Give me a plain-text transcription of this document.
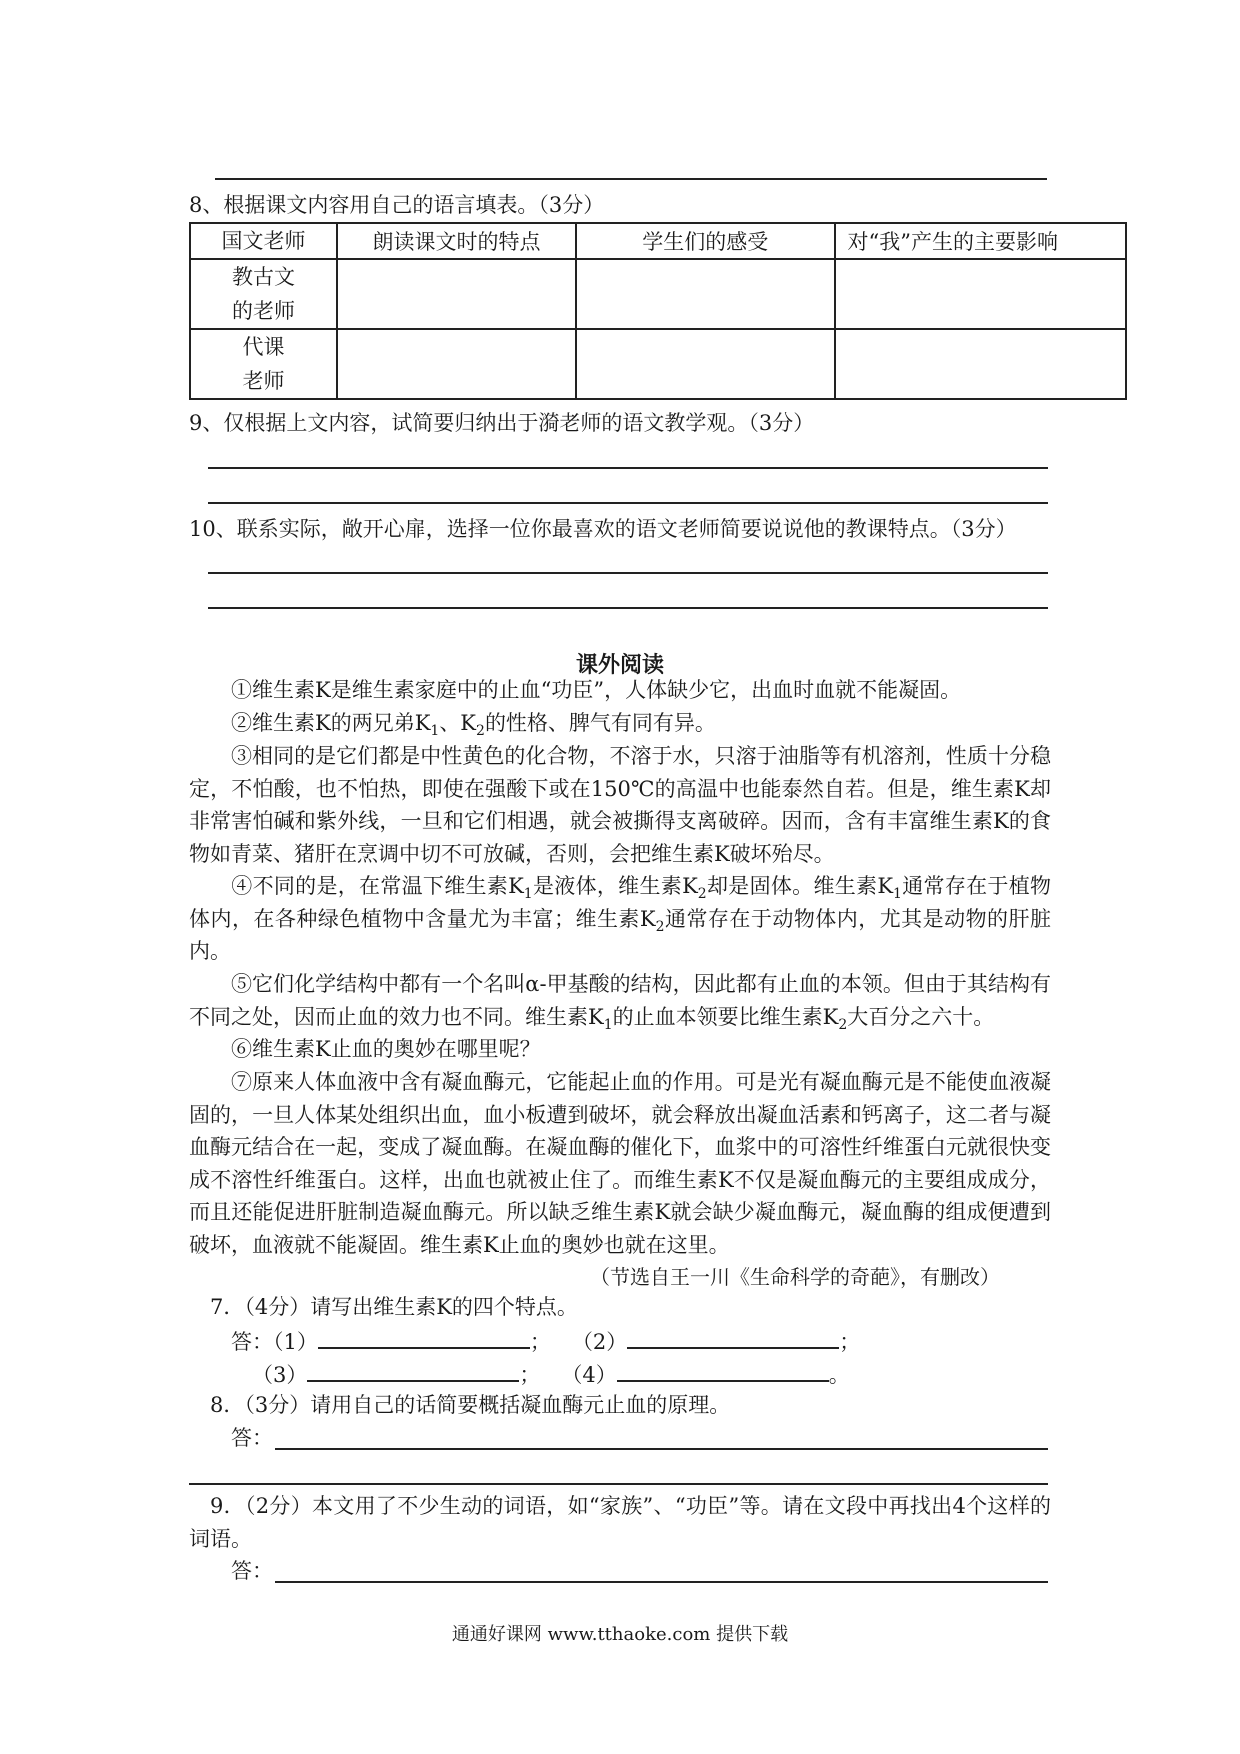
8、根据课文内容用自己的语言填表。（3分）
国文老师	朗读课文时的特点	学生们的感受	对“我”产生的主要影响
教古文
的老师			
代课
老师			
9、仅根据上文内容，试简要归纳出于漪老师的语文教学观。（3分）
10、联系实际，敞开心扉，选择一位你最喜欢的语文老师简要说说他的教课特点。（3分）
课外阅读
①维生素K是维生素家庭中的止血“功臣”，人体缺少它，出血时血就不能凝固。
②维生素K的两兄弟$K_1$、$K_2$的性格、脾气有同有异。
③相同的是它们都是中性黄色的化合物，不溶于水，只溶于油脂等有机溶剂，性质十分稳定，不怕酸，也不怕热，即使在强酸下或在150℃的高温中也能泰然自若。但是，维生素K却非常害怕碱和紫外线，一旦和它们相遇，就会被撕得支离破碎。因而，含有丰富维生素K的食物如青菜、猪肝在烹调中切不可放碱，否则，会把维生素K破坏殆尽。
④不同的是，在常温下维生素$K_1$是液体，维生素$K_2$却是固体。维生素$K_1$通常存在于植物体内，在各种绿色植物中含量尤为丰富；维生素$K_2$通常存在于动物体内，尤其是动物的肝脏内。
⑤它们化学结构中都有一个名叫α-甲基酸的结构，因此都有止血的本领。但由于其结构有不同之处，因而止血的效力也不同。维生素$K_1$的止血本领要比维生素$K_2$大百分之六十。
⑥维生素K止血的奥妙在哪里呢？
⑦原来人体血液中含有凝血酶元，它能起止血的作用。可是光有凝血酶元是不能使血液凝固的，一旦人体某处组织出血，血小板遭到破坏，就会释放出凝血活素和钙离子，这二者与凝血酶元结合在一起，变成了凝血酶。在凝血酶的催化下，血浆中的可溶性纤维蛋白元就很快变成不溶性纤维蛋白。这样，出血也就被止住了。而维生素K不仅是凝血酶元的主要组成成分，而且还能促进肝脏制造凝血酶元。所以缺乏维生素K就会缺少凝血酶元，凝血酶的组成便遭到破坏，血液就不能凝固。维生素K止血的奥妙也就在这里。
（节选自王一川《生命科学的奇葩》，有删改）
7．（4分）请写出维生素K的四个特点。
答：（1）	； （2）	；
（3）	； （4）	。
8．（3分）请用自己的话简要概括凝血酶元止血的原理。
答：
9．（2分）本文用了不少生动的词语，如“家族”、“功臣”等。请在文段中再找出4个这样的词语。
答：
通通好课网 www.tthaoke.com 提供下载
